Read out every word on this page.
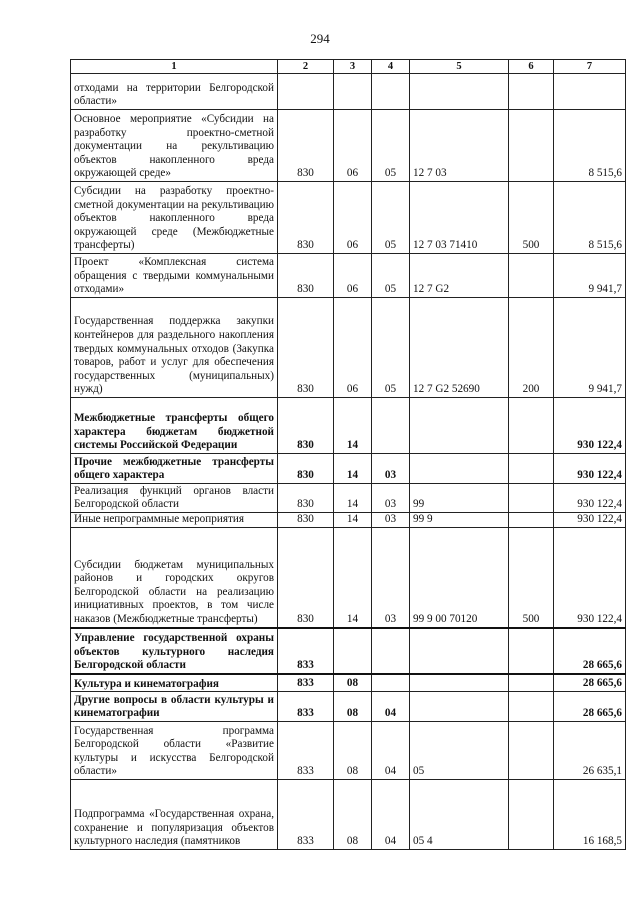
294
1	2	3	4	5	6	7
отходами на территории Белгородской области»						
Основное мероприятие «Субсидии на разработку проектно-сметной документации на рекультивацию объектов накопленного вреда окружающей среде»	830	06	05	12 7 03		8 515,6
Субсидии на разработку проектно-сметной документации на рекультивацию объектов накопленного вреда окружающей среде (Межбюджетные трансферты)	830	06	05	12 7 03 71410	500	8 515,6
Проект «Комплексная система обращения с твердыми коммунальными отходами»	830	06	05	12 7 G2		9 941,7
Государственная поддержка закупки контейнеров для раздельного накопления твердых коммунальных отходов (Закупка товаров, работ и услуг для обеспечения государственных (муниципальных) нужд)	830	06	05	12 7 G2 52690	200	9 941,7
Межбюджетные трансферты общего характера бюджетам бюджетной системы Российской Федерации	830	14				930 122,4
Прочие межбюджетные трансферты общего характера	830	14	03			930 122,4
Реализация функций органов власти Белгородской области	830	14	03	99		930 122,4
Иные непрограммные мероприятия	830	14	03	99 9		930 122,4
Субсидии бюджетам муниципальных районов и городских округов Белгородской области на реализацию инициативных проектов, в том числе наказов (Межбюджетные трансферты)	830	14	03	99 9 00 70120	500	930 122,4
Управление государственной охраны объектов культурного наследия Белгородской области	833					28 665,6
Культура и кинематография	833	08				28 665,6
Другие вопросы в области культуры и кинематографии	833	08	04			28 665,6
Государственная программа Белгородской области «Развитие культуры и искусства Белгородской области»	833	08	04	05		26 635,1
Подпрограмма «Государственная охрана, сохранение и популяризация объектов культурного наследия (памятников	833	08	04	05 4		16 168,5
